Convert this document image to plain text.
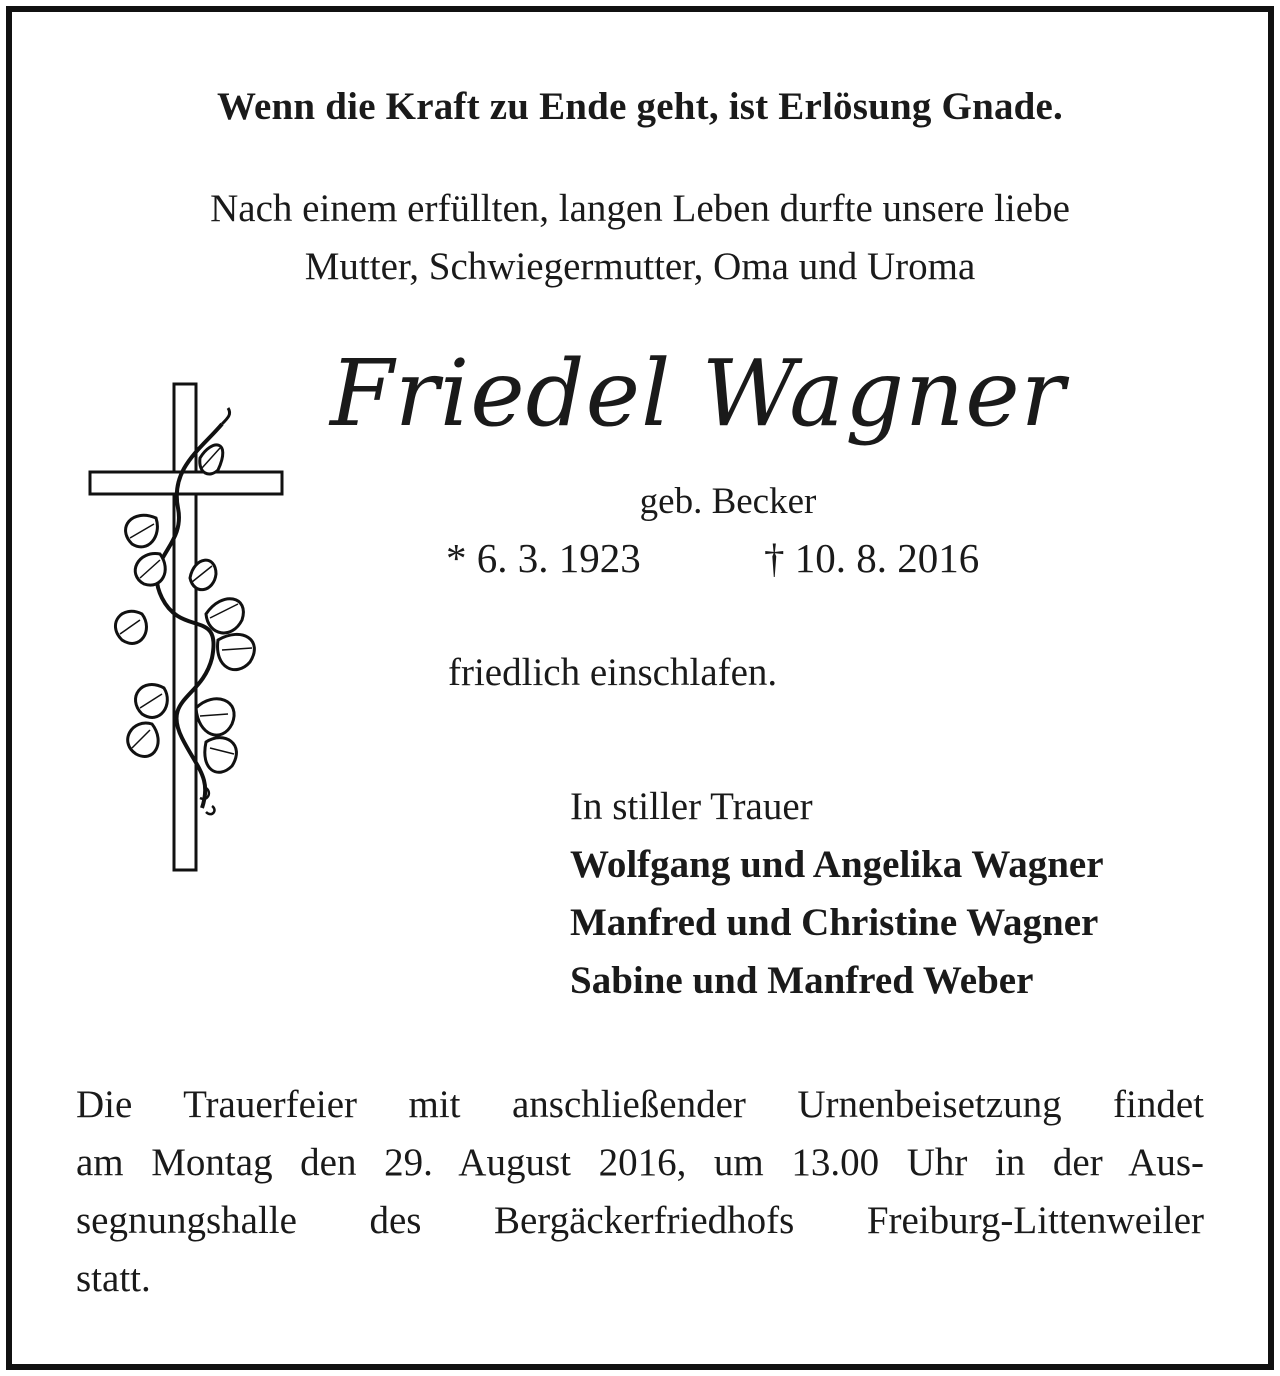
Wenn die Kraft zu Ende geht, ist Erlösung Gnade.
Nach einem erfüllten, langen Leben durfte unsere liebe
Mutter, Schwiegermutter, Oma und Uroma
Friedel Wagner
geb. Becker
* 6. 3. 1923	† 10. 8. 2016
friedlich einschlafen.
In stiller Trauer
Wolfgang und Angelika Wagner
Manfred und Christine Wagner
Sabine und Manfred Weber
Die Trauerfeier mit anschließender Urnenbeisetzung findet
am Montag den 29. August 2016, um 13.00 Uhr in der Aus-
segnungshalle des Bergäckerfriedhofs Freiburg-Littenweiler
statt.
